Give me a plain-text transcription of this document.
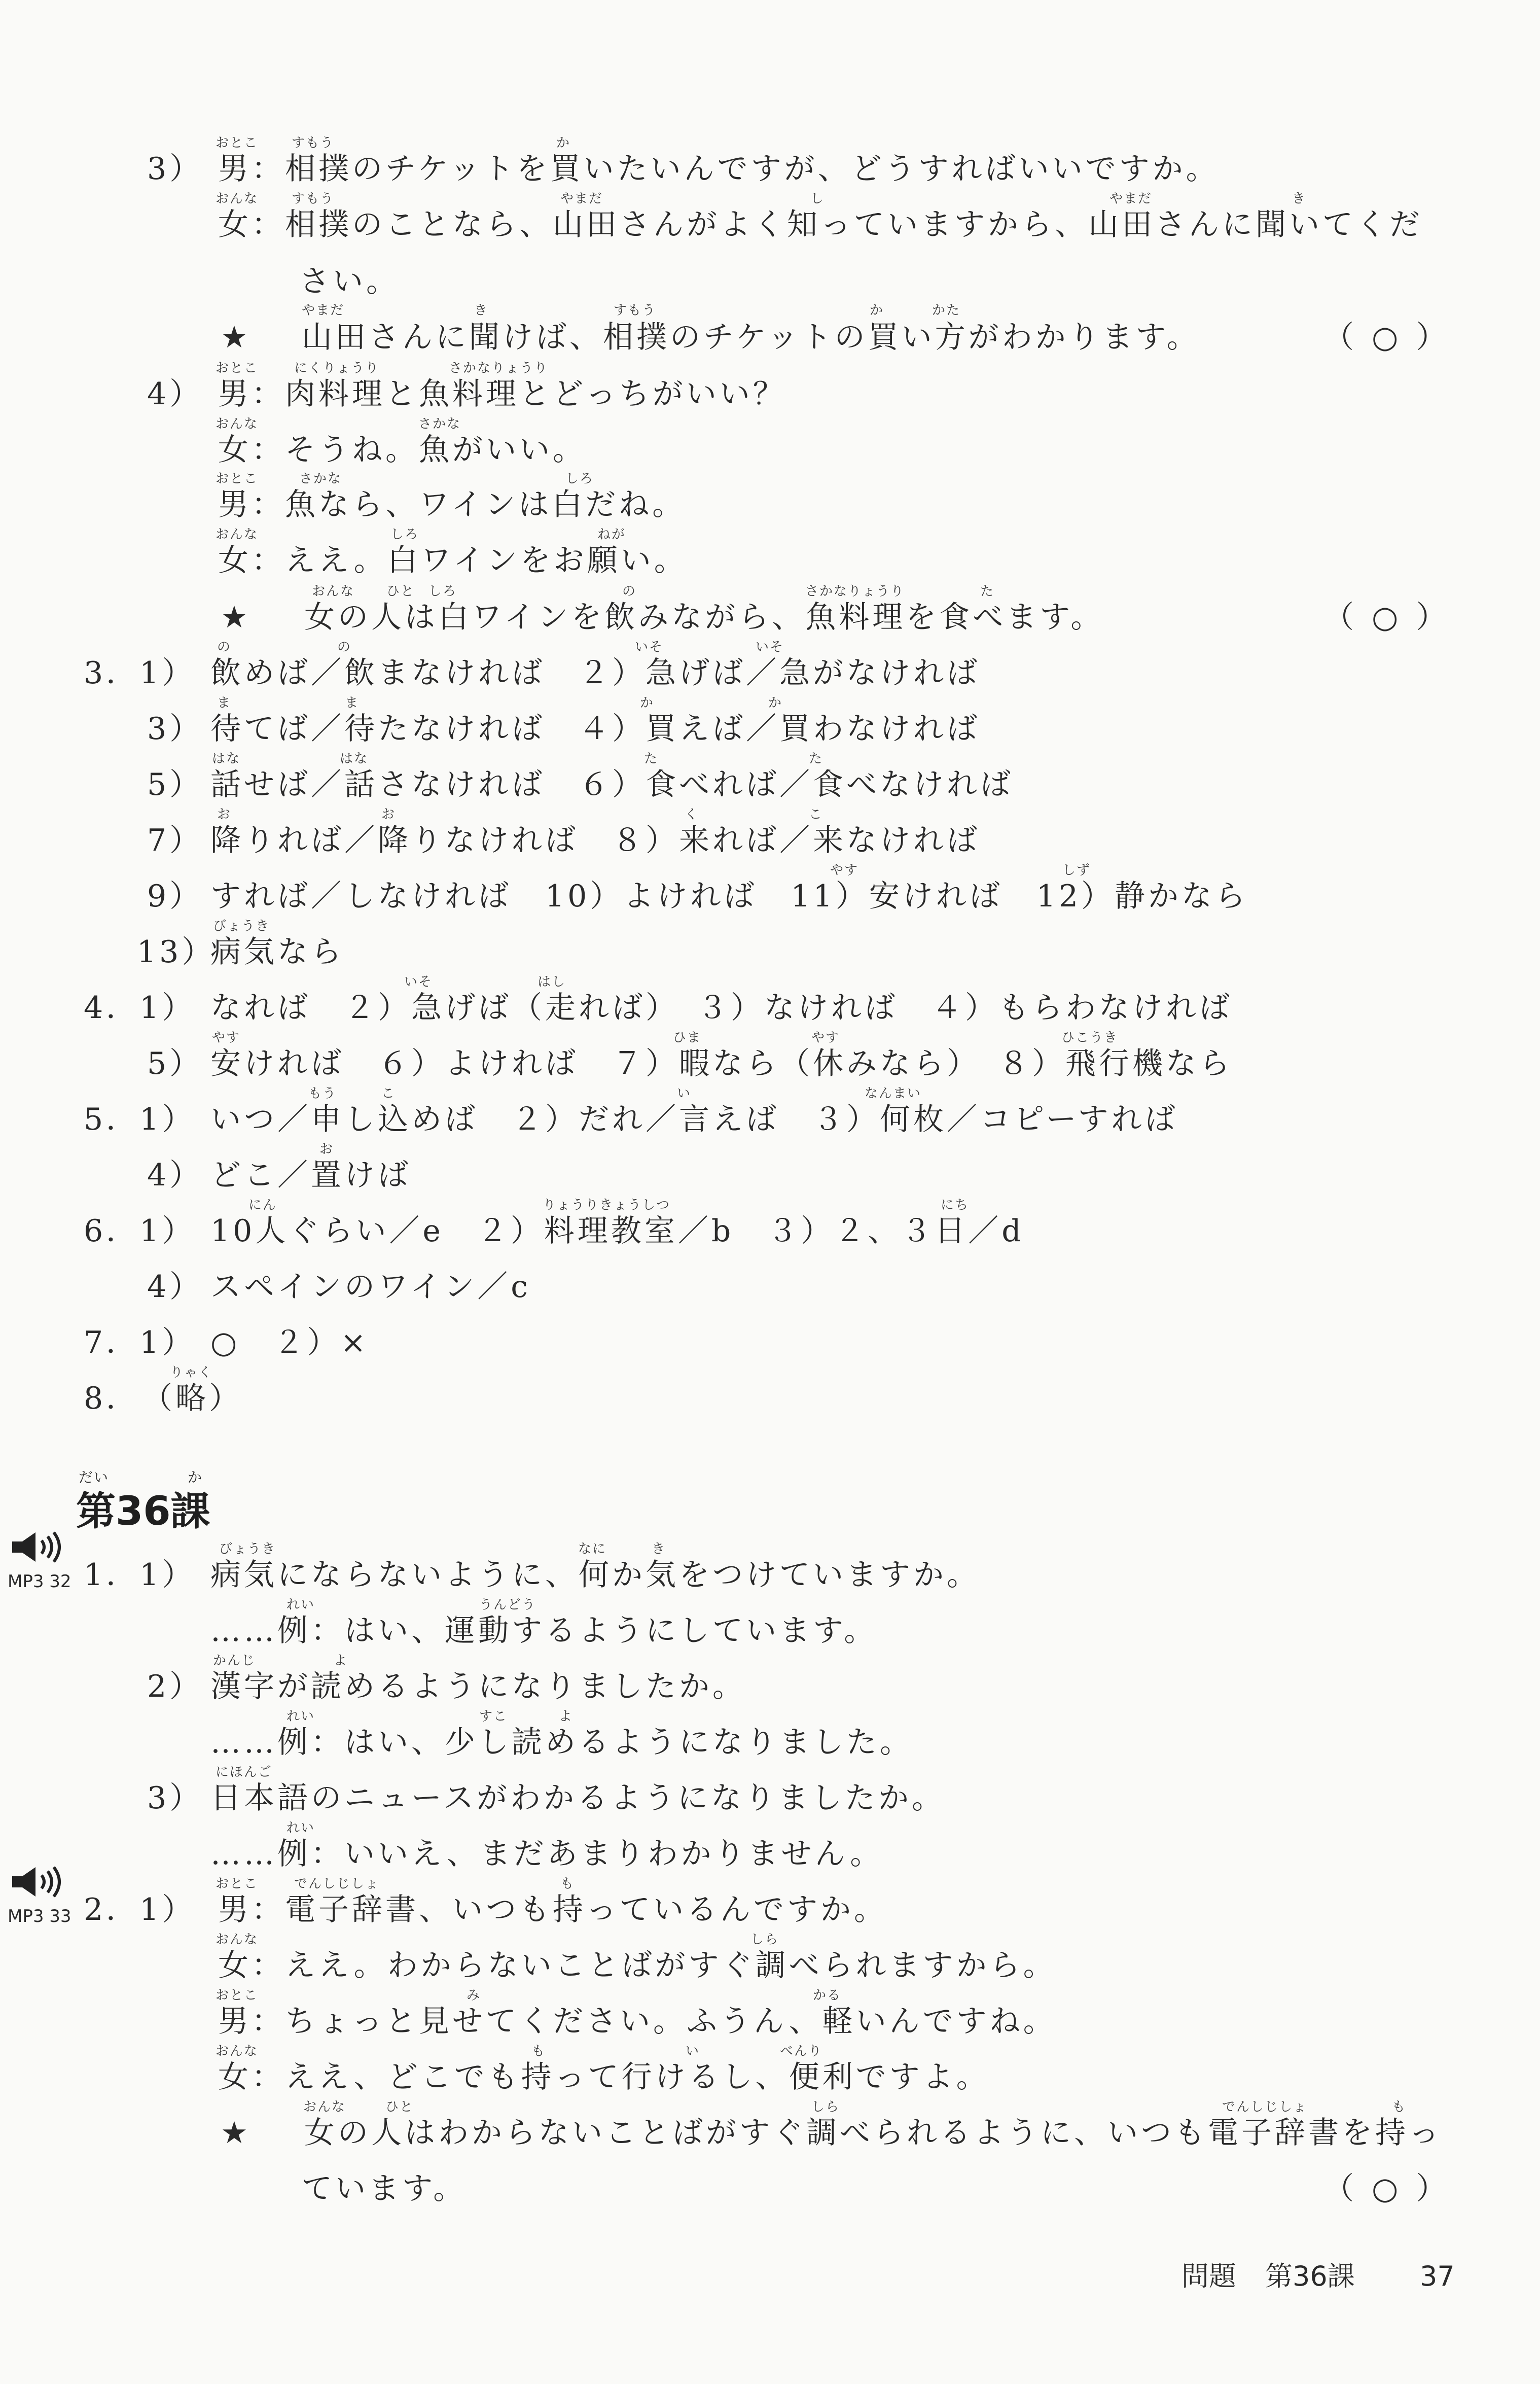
おとこ	すもう	か
3） 男：相撲のチケットを買いたいんですが、どうすればいいですか。
おんな	すもう	やまだ	し	やまだ	き
女：相撲のことなら、山田さんがよく知っていますから、山田さんに聞いてくだ
さい。
やまだ	き	すもう	か	かた
★ 山田さんに聞けば、相撲のチケットの買い方がわかります。	（ ○ ）
おとこ	にくりょうり	さかなりょうり
4） 男：肉料理と魚料理とどっちがいい？
おんな	さかな
女：そうね。魚がいい。
おとこ	さかな	しろ
男：魚なら、ワインは白だね。
おんな	しろ	ねが
女：ええ。白ワインをお願い。
おんな ひと しろ	の	さかなりょうり	た
★ 女の人は白ワインを飲みながら、魚料理を食べます。	（ ○ ）
の	の	いそ	いそ
3．1） 飲めば／飲まなければ　２）急げば／急がなければ
ま	ま	か	か
3） 待てば／待たなければ　４）買えば／買わなければ
はな	はな	た	た
5） 話せば／話さなければ　６）食べれば／食べなければ
お	お	く	こ
7） 降りれば／降りなければ　８）来れば／来なければ
やす	しず
9） すれば／しなければ　10）よければ　11）安ければ　12）静かなら
びょうき
13）
病気なら
いそ	はし
4．1） なれば　２）急げば（走れば）　３）なければ　４）もらわなければ
やす	ひま	やす	ひこうき
5） 安ければ　６）よければ　７）暇なら（休みなら）　８）飛行機なら
もう	こ	い	なんまい
5．1） いつ／申し込めば　２）だれ／言えば　３）何枚／コピーすれば
お
4） どこ／置けば
にん	りょうりきょうしつ	にち
6．1） 10人ぐらい／e　２）料理教室／b　３）２、３日／d
4） スペインのワイン／c
7．1） ○　２）×
りゃく
8． （略）
だい	か
第36課
MP3 32
びょうき	なに	き
1．1） 病気にならないように、何か気をつけていますか。
れい	うんどう
……例：はい、運動するようにしています。
かんじ	よ
2） 漢字が読めるようになりましたか。
れい	すこ	よ
……例：はい、少し読めるようになりました。
にほんご
3） 日本語のニュースがわかるようになりましたか。
れい
……例：いいえ、まだあまりわかりません。
MP3 33
おとこ	でんしじしょ	も
2．1） 男：電子辞書、いつも持っているんですか。
おんな	しら
女：ええ。わからないことばがすぐ調べられますから。
おとこ	み	かる
男：ちょっと見せてください。ふうん、軽いんですね。
おんな	も	い	べんり
女：ええ、どこでも持って行けるし、便利ですよ。
おんな	ひと	しら	でんしじしょ	も
★ 女の人はわからないことばがすぐ調べられるように、いつも電子辞書を持っ
ています。	（ ○ ）
問題 第36課 37
